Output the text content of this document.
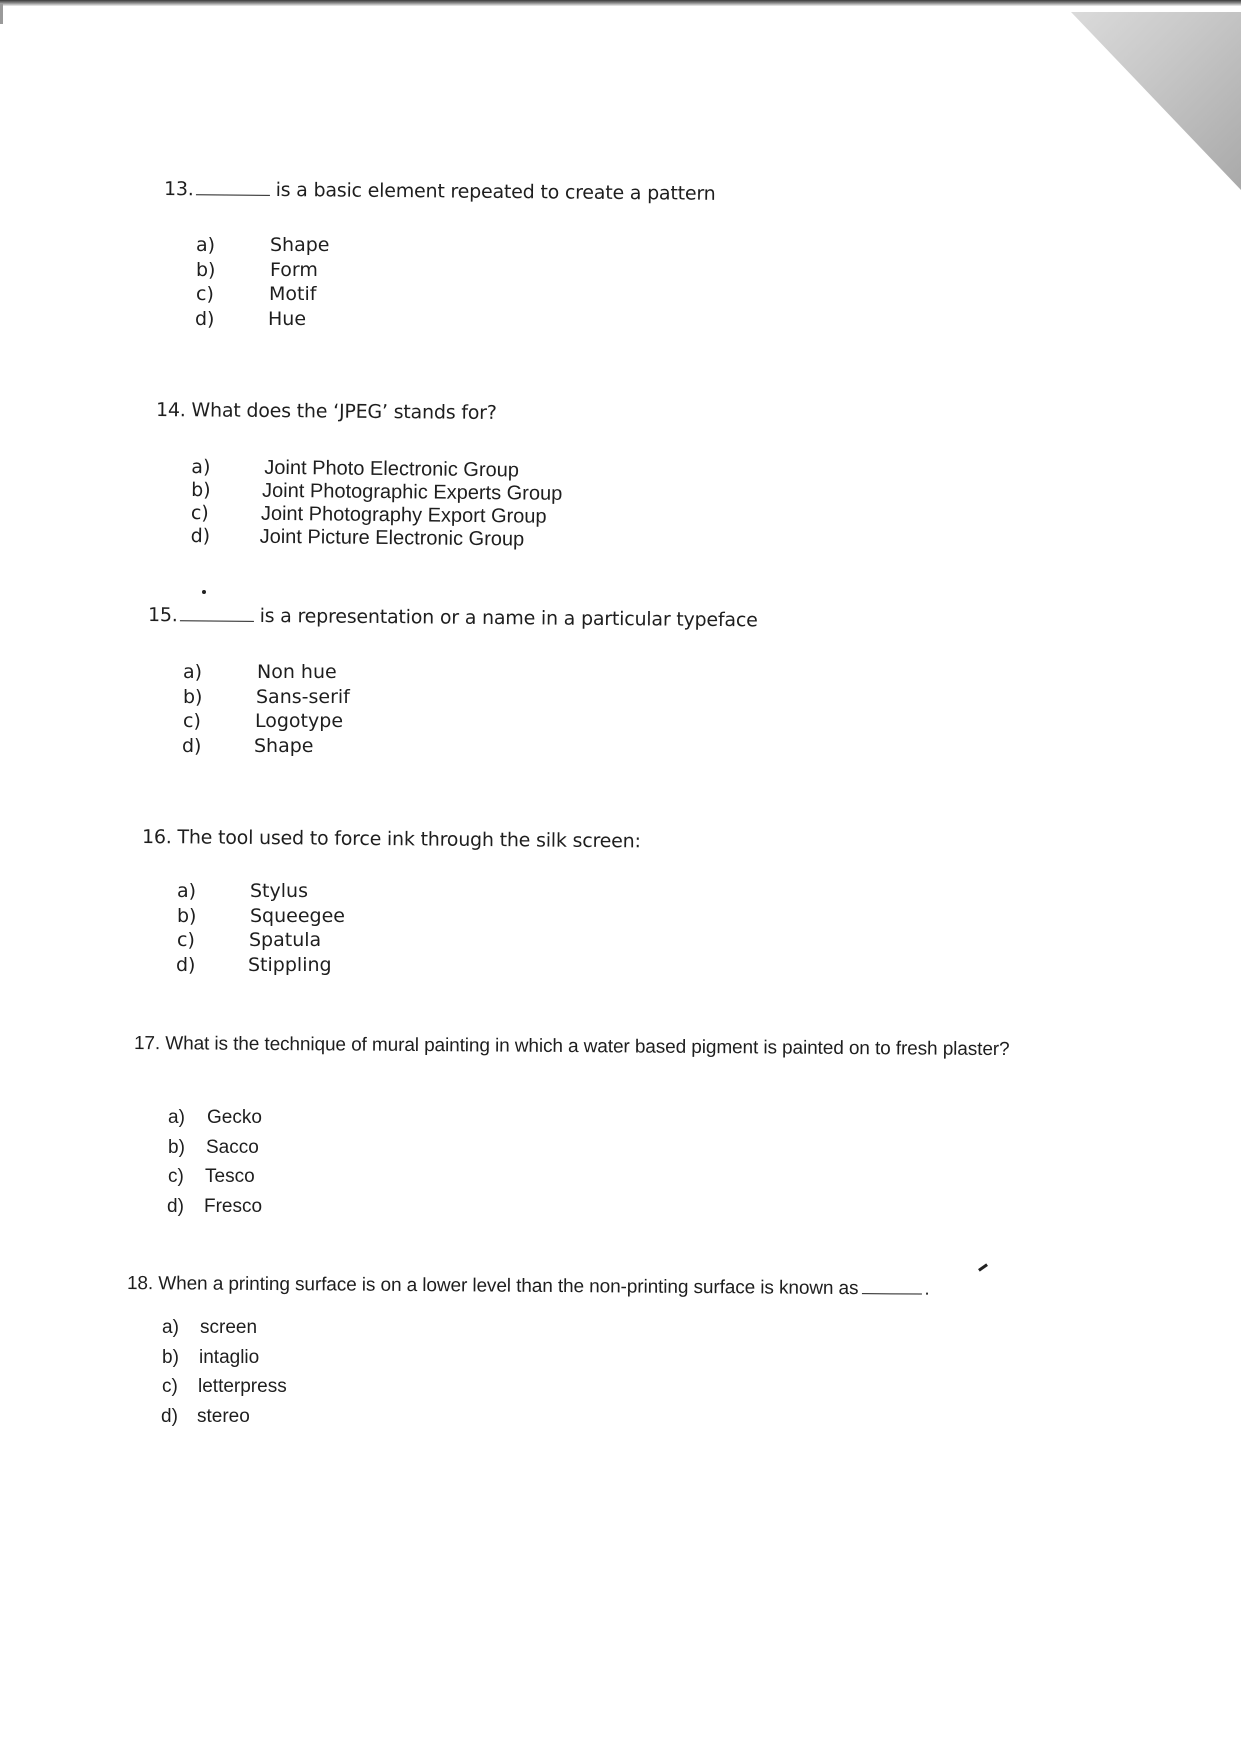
13.	is a basic element repeated to create a pattern
a)	Shape
b)	Form
c)	Motif
d)	Hue
14. What does the ‘JPEG’ stands for?
a)	Joint Photo Electronic Group
b)	Joint Photographic Experts Group
c)	Joint Photography Export Group
d) Joint Picture Electronic Group
15.	is a representation or a name in a particular typeface
a)	Non hue
b)	Sans-serif
c)	Logotype
d)	Shape
16. The tool used to force ink through the silk screen:
a)	Stylus
b)	Squeegee
c)	Spatula
d)	Stippling
17. What is the technique of mural painting in which a water based pigment is painted on to fresh plaster?
a) Gecko
b) Sacco
c) Tesco
d) Fresco
18. When a printing surface is on a lower level than the non-printing surface is known as	.
a) screen
b) intaglio
c) letterpress
d) stereo
